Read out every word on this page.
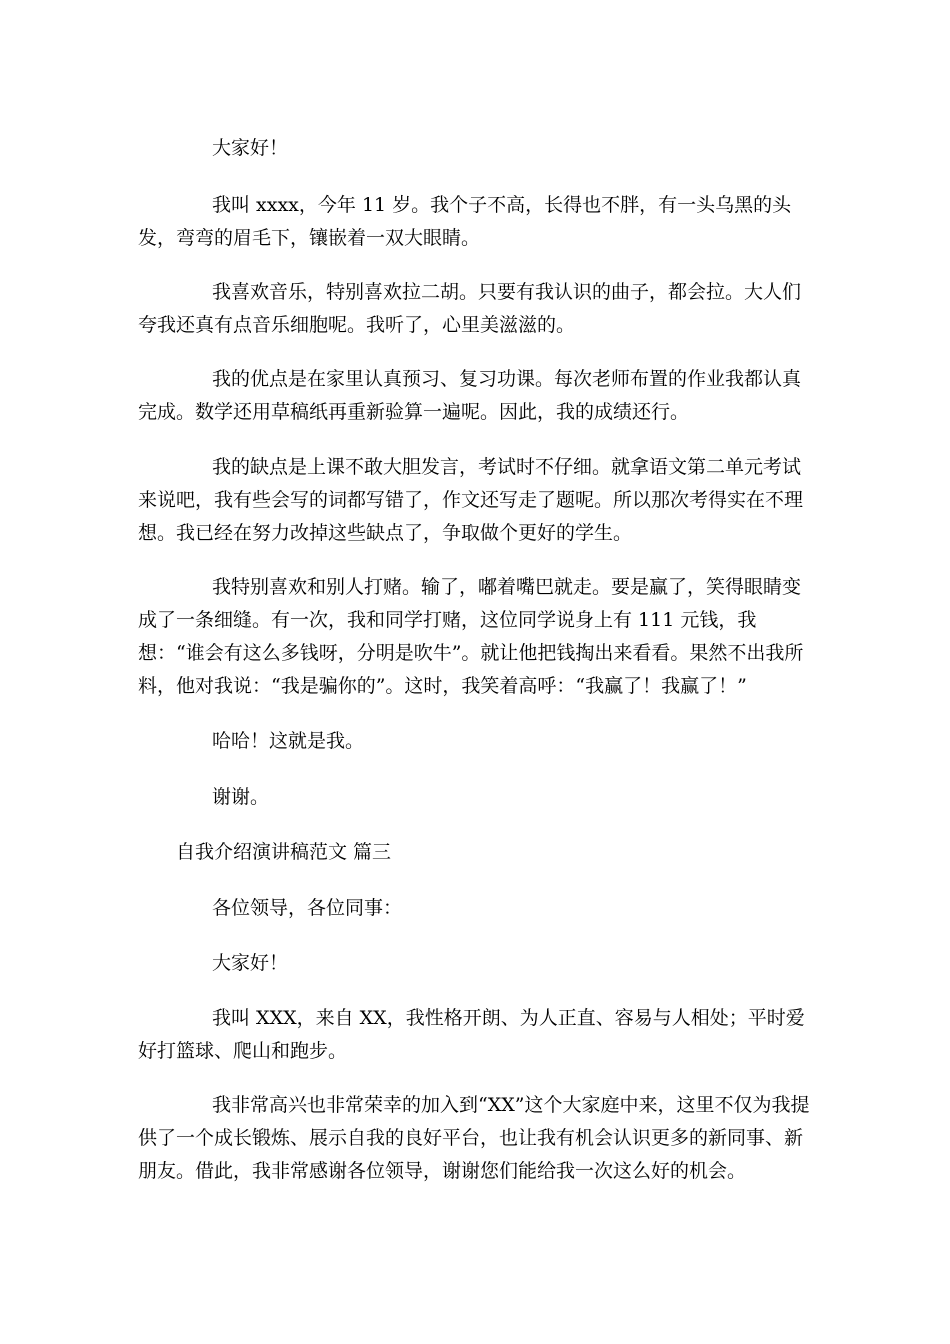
大家好！

我叫 xxxx，今年 11 岁。我个子不高，长得也不胖，有一头乌黑的头发，弯弯的眉毛下，镶嵌着一双大眼睛。

我喜欢音乐，特别喜欢拉二胡。只要有我认识的曲子，都会拉。大人们夸我还真有点音乐细胞呢。我听了，心里美滋滋的。

我的优点是在家里认真预习、复习功课。每次老师布置的作业我都认真完成。数学还用草稿纸再重新验算一遍呢。因此，我的成绩还行。

我的缺点是上课不敢大胆发言，考试时不仔细。就拿语文第二单元考试来说吧，我有些会写的词都写错了，作文还写走了题呢。所以那次考得实在不理想。我已经在努力改掉这些缺点了，争取做个更好的学生。

我特别喜欢和别人打赌。输了，嘟着嘴巴就走。要是赢了，笑得眼睛变成了一条细缝。有一次，我和同学打赌，这位同学说身上有 111 元钱，我想：“谁会有这么多钱呀，分明是吹牛”。就让他把钱掏出来看看。果然不出我所料，他对我说：“我是骗你的”。这时，我笑着高呼：“我赢了！我赢了！”

哈哈！这就是我。

谢谢。

自我介绍演讲稿范文 篇三

各位领导，各位同事：

大家好！

我叫 XXX，来自 XX，我性格开朗、为人正直、容易与人相处；平时爱好打篮球、爬山和跑步。

我非常高兴也非常荣幸的加入到“XX”这个大家庭中来，这里不仅为我提供了一个成长锻炼、展示自我的良好平台，也让我有机会认识更多的新同事、新朋友。借此，我非常感谢各位领导，谢谢您们能给我一次这么好的机会。
